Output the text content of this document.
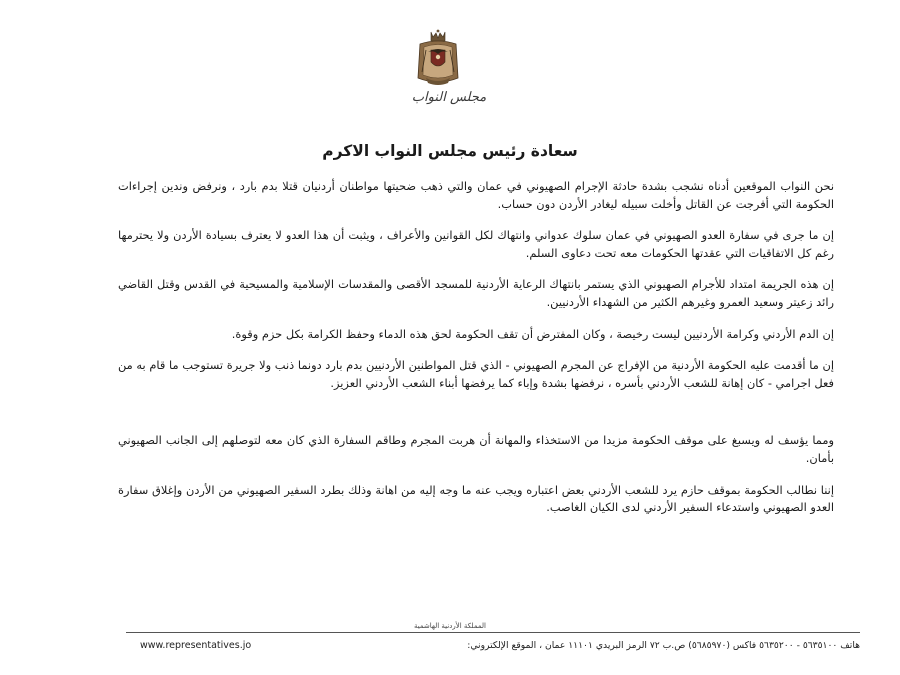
مجلس النواب
سعادة رئيس مجلس النواب الاكرم

نحن النواب الموقعين أدناه نشجب بشدة حادثة الإجرام الصهيوني في عمان والتي ذهب ضحيتها مواطنان أردنيان قتلا بدم بارد ، ونرفض وندين إجراءات الحكومة التي أفرجت عن القاتل وأخلت سبيله ليغادر الأردن دون حساب.

إن ما جرى في سفارة العدو الصهيوني في عمان سلوك عدواني وانتهاك لكل القوانين والأعراف ، ويثبت أن هذا العدو لا يعترف بسيادة الأردن ولا يحترمها رغم كل الاتفاقيات التي عقدتها الحكومات معه تحت دعاوى السلم.

إن هذه الجريمة امتداد للأجرام الصهيوني الذي يستمر بانتهاك الرعاية الأردنية للمسجد الأقصى والمقدسات الإسلامية والمسيحية في القدس وقتل القاضي رائد زعيتر وسعيد العمرو وغيرهم الكثير من الشهداء الأردنيين.

إن الدم الأردني وكرامة الأردنيين ليست رخيصة ، وكان المفترض أن تقف الحكومة لحق هذه الدماء وحفظ الكرامة بكل حزم وقوة.

إن ما أقدمت عليه الحكومة الأردنية من الإفراج عن المجرم الصهيوني - الذي قتل المواطنين الأردنيين بدم بارد دونما ذنب ولا جريرة تستوجب ما قام به من فعل اجرامي - كان إهانة للشعب الأردني بأسره ، نرفضها بشدة وإباء كما يرفضها أبناء الشعب الأردني العزيز.

ومما يؤسف له ويسبغ على موقف الحكومة مزيدا من الاستخذاء والمهانة أن هربت المجرم وطاقم السفارة الذي كان معه لتوصلهم إلى الجانب الصهيوني بأمان.

إننا نطالب الحكومة بموقف حازم يرد للشعب الأردني بعض اعتباره ويجب عنه ما وجه إليه من اهانة وذلك بطرد السفير الصهيوني من الأردن وإغلاق سفارة العدو الصهيوني واستدعاء السفير الأردني لدى الكيان الغاصب.

المملكة الأردنية الهاشمية
هاتف ٥٦٣٥١٠٠ - ٥٦٣٥٢٠٠ فاكس (٥٦٨٥٩٧٠) ص.ب ٧٢ الرمز البريدي ١١١٠١ عمان ، الموقع الإلكتروني:
www.representatives.jo
